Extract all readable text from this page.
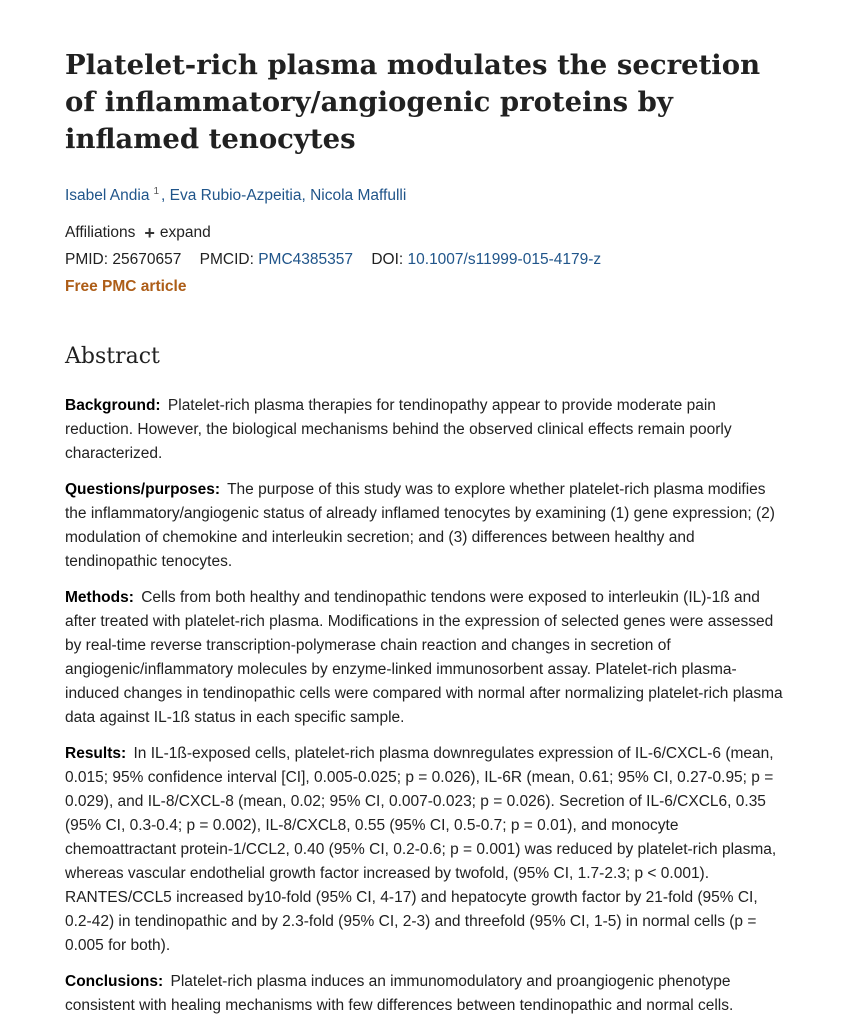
Platelet-rich plasma modulates the secretion of inflammatory/angiogenic proteins by inflamed tenocytes
Isabel Andia $^1$ , Eva Rubio-Azpeitia, Nicola Maffulli
Affiliations + expand
PMID: 25670657 PMCID: PMC4385357 DOI: 10.1007/s11999-015-4179-z
Free PMC article
Abstract

Background: Platelet-rich plasma therapies for tendinopathy appear to provide moderate pain reduction. However, the biological mechanisms behind the observed clinical effects remain poorly characterized.

Questions/purposes: The purpose of this study was to explore whether platelet-rich plasma modifies the inflammatory/angiogenic status of already inflamed tenocytes by examining (1) gene expression; (2) modulation of chemokine and interleukin secretion; and (3) differences between healthy and tendinopathic tenocytes.

Methods: Cells from both healthy and tendinopathic tendons were exposed to interleukin (IL)-1ß and after treated with platelet-rich plasma. Modifications in the expression of selected genes were assessed by real-time reverse transcription-polymerase chain reaction and changes in secretion of angiogenic/inflammatory molecules by enzyme-linked immunosorbent assay. Platelet-rich plasma-induced changes in tendinopathic cells were compared with normal after normalizing platelet-rich plasma data against IL-1ß status in each specific sample.

Results: In IL-1ß-exposed cells, platelet-rich plasma downregulates expression of IL-6/CXCL-6 (mean, 0.015; 95% confidence interval [CI], 0.005-0.025; p = 0.026), IL-6R (mean, 0.61; 95% CI, 0.27-0.95; p = 0.029), and IL-8/CXCL-8 (mean, 0.02; 95% CI, 0.007-0.023; p = 0.026). Secretion of IL-6/CXCL6, 0.35 (95% CI, 0.3-0.4; p = 0.002), IL-8/CXCL8, 0.55 (95% CI, 0.5-0.7; p = 0.01), and monocyte chemoattractant protein-1/CCL2, 0.40 (95% CI, 0.2-0.6; p = 0.001) was reduced by platelet-rich plasma, whereas vascular endothelial growth factor increased by twofold, (95% CI, 1.7-2.3; p < 0.001). RANTES/CCL5 increased by10-fold (95% CI, 4-17) and hepatocyte growth factor by 21-fold (95% CI, 0.2-42) in tendinopathic and by 2.3-fold (95% CI, 2-3) and threefold (95% CI, 1-5) in normal cells (p = 0.005 for both).

Conclusions: Platelet-rich plasma induces an immunomodulatory and proangiogenic phenotype consistent with healing mechanisms with few differences between tendinopathic and normal cells.
